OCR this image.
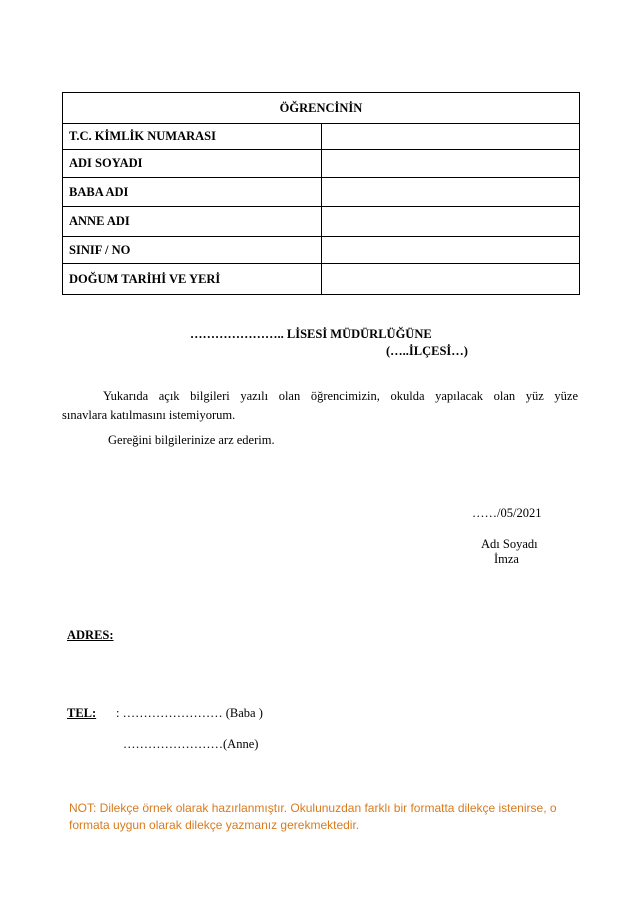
ÖĞRENCİNİN	
T.C. KİMLİK NUMARASI	
ADI SOYADI	
BABA ADI	
ANNE ADI	
SINIF / NO	
DOĞUM TARİHİ VE YERİ	
………………….. LİSESİ MÜDÜRLÜĞÜNE
(…..İLÇESİ…)
Yukarıda açık bilgileri yazılı olan öğrencimizin, okulda yapılacak olan yüz yüze
sınavlara katılmasını istemiyorum.
Gereğini bilgilerinize arz ederim.
……/05/2021
Adı Soyadı
İmza
ADRES:
TEL: : …………………… (Baba )
……………………(Anne)
NOT: Dilekçe örnek olarak hazırlanmıştır. Okulunuzdan farklı bir formatta dilekçe istenirse, o
formata uygun olarak dilekçe yazmanız gerekmektedir.
